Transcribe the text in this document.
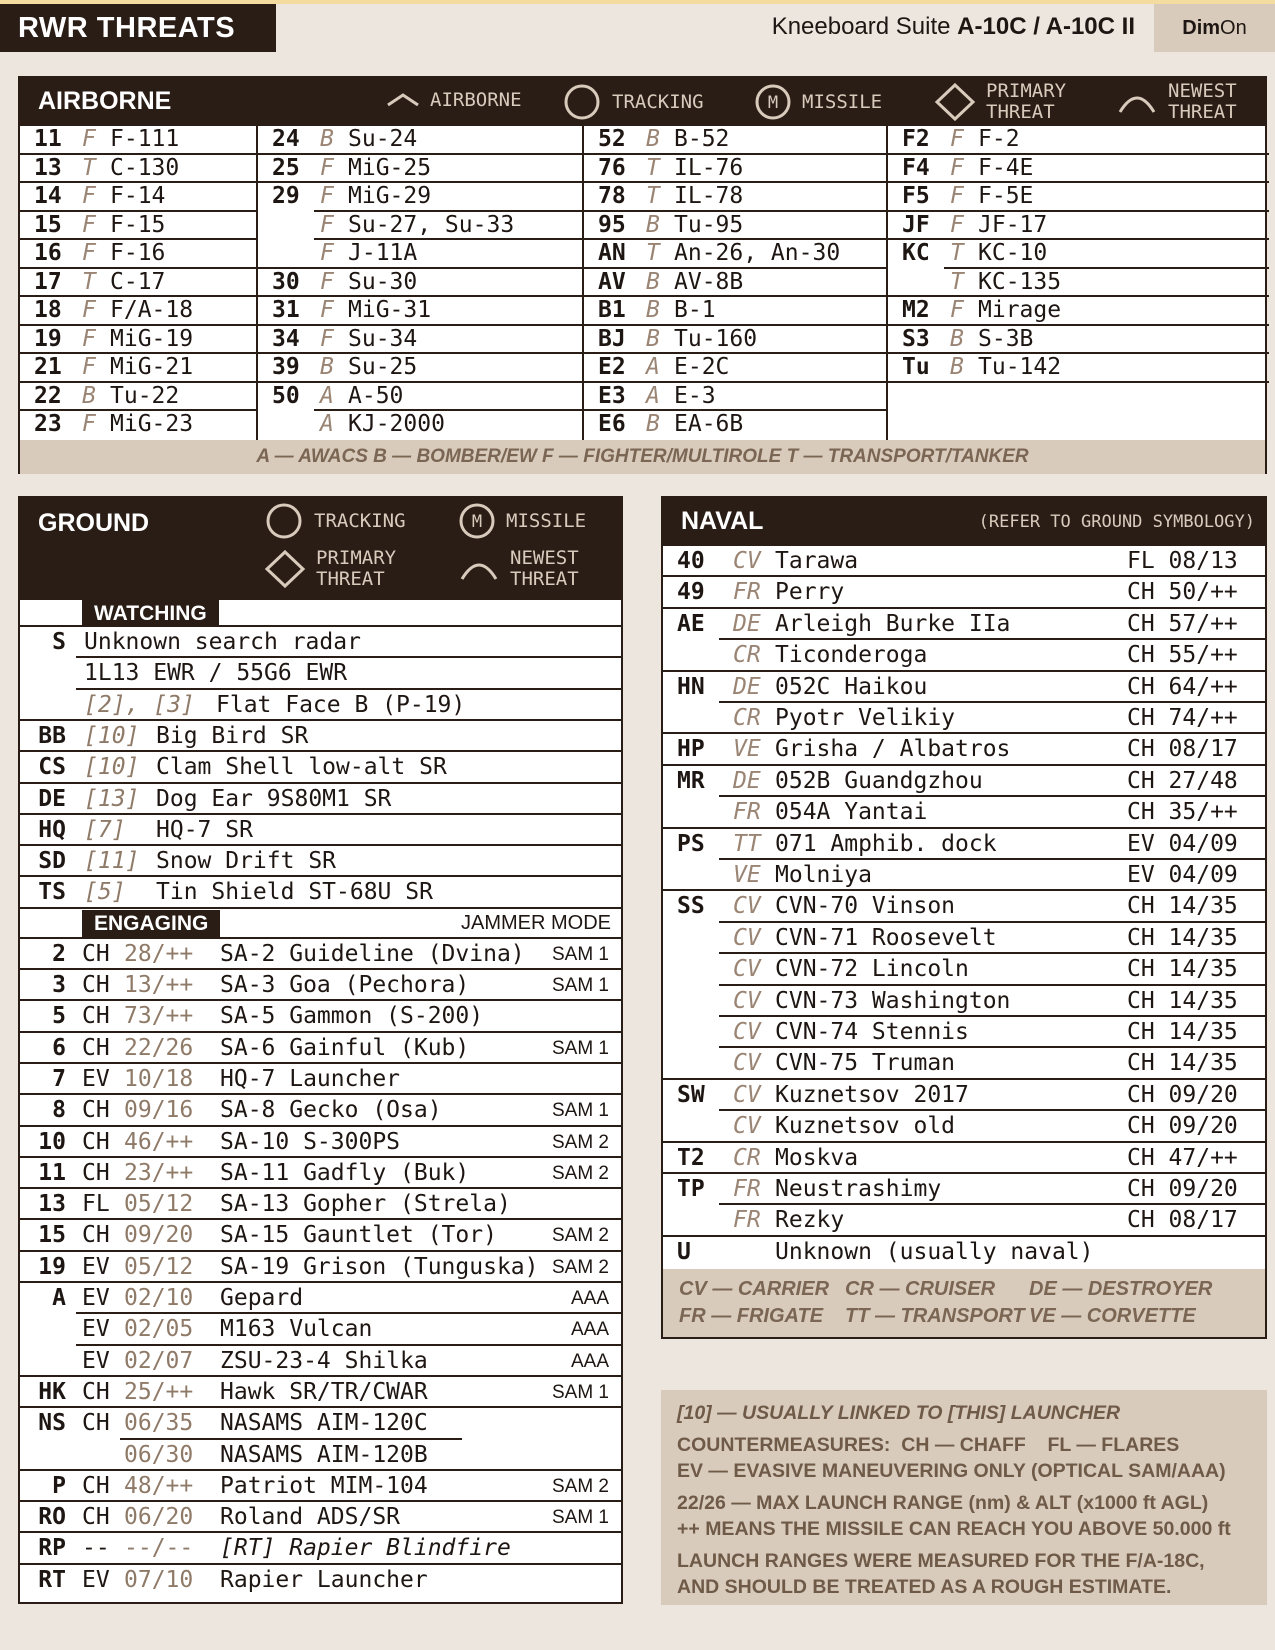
RWR THREATS	Kneeboard Suite A-10C / A-10C II	DimOn
AIRBORNE	AIRBORNE	TRACKING	M MISSILE	PRIMARY
THREAT
NEWEST
THREAT
11 F F-111
13 T C-130
14 F F-14
15 F F-15
16 F F-16
17 T C-17
18 F F/A-18
19 F MiG-19
21 F MiG-21
22 B Tu-22
23 F MiG-23
24 B Su-24
25 F MiG-25
29 F MiG-29
F Su-27, Su-33
F J-11A
30 F Su-30
31 F MiG-31
34 F Su-34
39 B Su-25
50 A A-50
A KJ-2000
52 B B-52
76 T IL-76
78 T IL-78
95 B Tu-95
AN T An-26, An-30
AV B AV-8B
B1 B B-1
BJ B Tu-160
E2 A E-2C
E3 A E-3
E6 B EA-6B
F2 F F-2
F4 F F-4E
F5 F F-5E
JF F JF-17
KC T KC-10
T KC-135
M2 F Mirage
S3 B S-3B
Tu B Tu-142
A — AWACS B — BOMBER/EW F — FIGHTER/MULTIROLE T — TRANSPORT/TANKER
GROUND	TRACKING	M MISSILE
PRIMARY
THREAT
NEWEST
THREAT
WATCHING
S Unknown search radar
1L13 EWR / 55G6 EWR
[2], [3] Flat Face B (P-19)
BB [10] Big Bird SR
CS [10] Clam Shell low-alt SR
DE [13] Dog Ear 9S80M1 SR
HQ [7] HQ-7 SR
SD [11] Snow Drift SR
TS [5] Tin Shield ST-68U SR
ENGAGING	JAMMER MODE
2 CH 28/++ SA-2 Guideline (Dvina) SAM 1
3 CH 13/++ SA-3 Goa (Pechora)	SAM 1
5 CH 73/++ SA-5 Gammon (S-200)
6 CH 22/26 SA-6 Gainful (Kub)	SAM 1
7 EV 10/18 HQ-7 Launcher
8 CH 09/16 SA-8 Gecko (Osa)	SAM 1
10 CH 46/++ SA-10 S-300PS	SAM 2
11 CH 23/++ SA-11 Gadfly (Buk)	SAM 2
13 FL 05/12 SA-13 Gopher (Strela)
15 CH 09/20 SA-15 Gauntlet (Tor)	SAM 2
19 EV 05/12 SA-19 Grison (Tunguska) SAM 2
A EV 02/10 Gepard	AAA
EV 02/05 M163 Vulcan	AAA
EV 02/07 ZSU-23-4 Shilka	AAA
HK CH 25/++ Hawk SR/TR/CWAR	SAM 1
NS CH 06/35 NASAMS AIM-120C
06/30 NASAMS AIM-120B
P CH 48/++ Patriot MIM-104	SAM 2
RO CH 06/20 Roland ADS/SR	SAM 1
RP -- --/-- [RT] Rapier Blindfire
RT EV 07/10 Rapier Launcher
NAVAL	(REFER TO GROUND SYMBOLOGY)
40 CV Tarawa	FL 08/13
49 FR Perry	CH 50/++
AE DE Arleigh Burke IIa	CH 57/++
CR Ticonderoga	CH 55/++
HN DE 052C Haikou	CH 64/++
CR Pyotr Velikiy	CH 74/++
HP VE Grisha / Albatros	CH 08/17
MR DE 052B Guandgzhou	CH 27/48
FR 054A Yantai	CH 35/++
PS TT 071 Amphib. dock	EV 04/09
VE Molniya	EV 04/09
SS CV CVN-70 Vinson	CH 14/35
CV CVN-71 Roosevelt	CH 14/35
CV CVN-72 Lincoln	CH 14/35
CV CVN-73 Washington	CH 14/35
CV CVN-74 Stennis	CH 14/35
CV CVN-75 Truman	CH 14/35
SW CV Kuznetsov 2017	CH 09/20
CV Kuznetsov old	CH 09/20
T2 CR Moskva	CH 47/++
TP FR Neustrashimy	CH 09/20
FR Rezky	CH 08/17
U	Unknown (usually naval)
CV — CARRIER CR — CRUISER DE — DESTROYER
FR — FRIGATE TT — TRANSPORT VE — CORVETTE
[10] — USUALLY LINKED TO [THIS] LAUNCHER
COUNTERMEASURES:  CH — CHAFF    FL — FLARES
EV — EVASIVE MANEUVERING ONLY (OPTICAL SAM/AAA)
22/26 — MAX LAUNCH RANGE (nm) & ALT (x1000 ft AGL)
++ MEANS THE MISSILE CAN REACH YOU ABOVE 50.000 ft
LAUNCH RANGES WERE MEASURED FOR THE F/A-18C,
AND SHOULD BE TREATED AS A ROUGH ESTIMATE.
